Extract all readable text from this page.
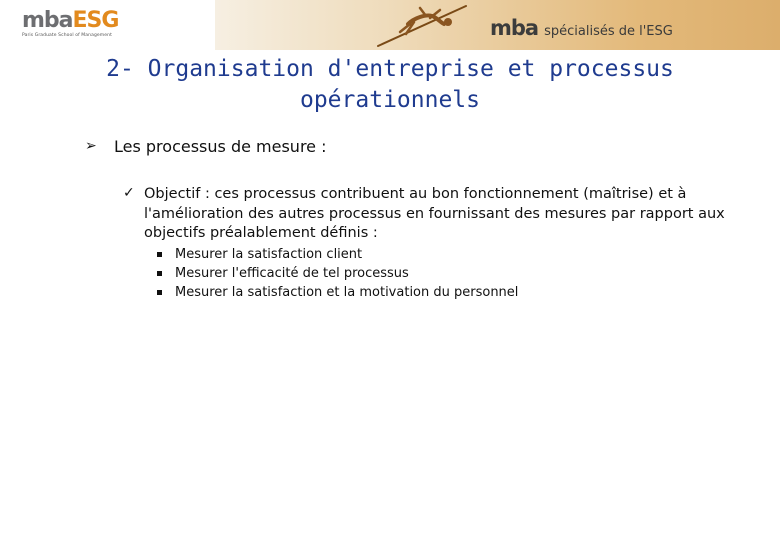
mbaESG
Paris Graduate School of Management	mba spécialisés de l'ESG
2- Organisation d'entreprise et processus
opérationnels
➢ Les processus de mesure :
✓ Objectif : ces processus contribuent au bon fonctionnement (maîtrise) et à l'amélioration des autres processus en fournissant des mesures par rapport aux objectifs préalablement définis :
Mesurer la satisfaction client
Mesurer l'efficacité de tel processus
Mesurer la satisfaction et la motivation du personnel
